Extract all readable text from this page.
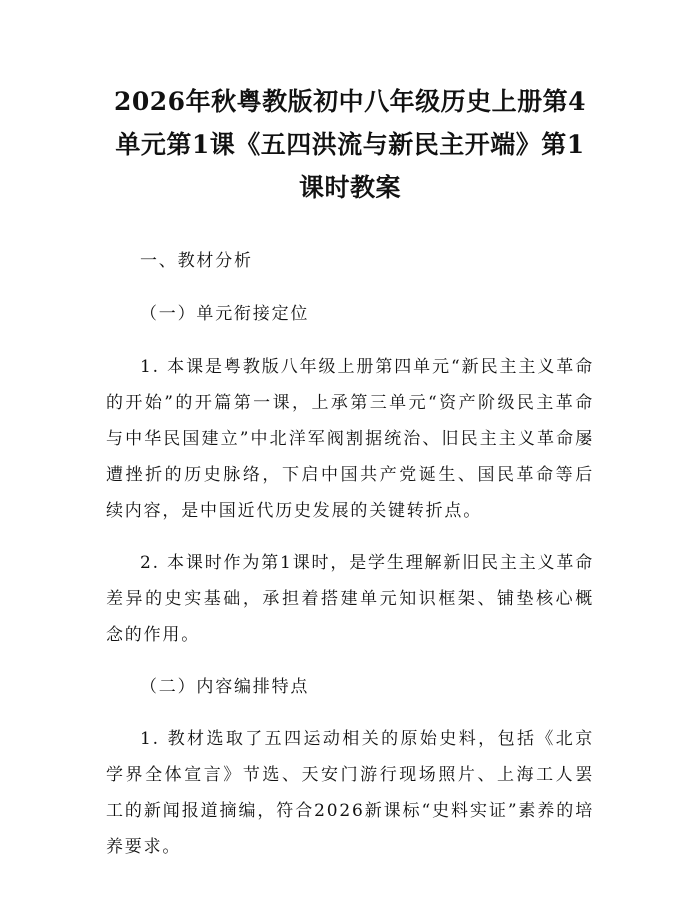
2026年秋粤教版初中八年级历史上册第4单元第1课《五四洪流与新民主开端》第1课时教案

一、教材分析

（一）单元衔接定位

1. 本课是粤教版八年级上册第四单元“新民主主义革命的开始”的开篇第一课，上承第三单元“资产阶级民主革命与中华民国建立”中北洋军阀割据统治、旧民主主义革命屡遭挫折的历史脉络，下启中国共产党诞生、国民革命等后续内容，是中国近代历史发展的关键转折点。

2. 本课时作为第1课时，是学生理解新旧民主主义革命差异的史实基础，承担着搭建单元知识框架、铺垫核心概念的作用。

（二）内容编排特点

1. 教材选取了五四运动相关的原始史料，包括《北京学界全体宣言》节选、天安门游行现场照片、上海工人罢工的新闻报道摘编，符合2026新课标“史料实证”素养的培养要求。
